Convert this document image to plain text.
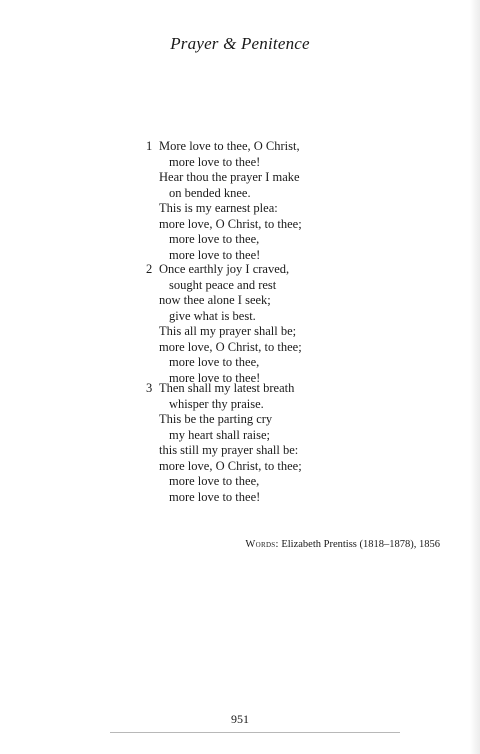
Prayer & Penitence
1 More love to thee, O Christ,
more love to thee!
Hear thou the prayer I make
on bended knee.
This is my earnest plea:
more love, O Christ, to thee;
more love to thee,
more love to thee!
2 Once earthly joy I craved,
sought peace and rest
now thee alone I seek;
give what is best.
This all my prayer shall be;
more love, O Christ, to thee;
more love to thee,
more love to thee!
3 Then shall my latest breath
whisper thy praise.
This be the parting cry
my heart shall raise;
this still my prayer shall be:
more love, O Christ, to thee;
more love to thee,
more love to thee!
Words: Elizabeth Prentiss (1818–1878), 1856
951
